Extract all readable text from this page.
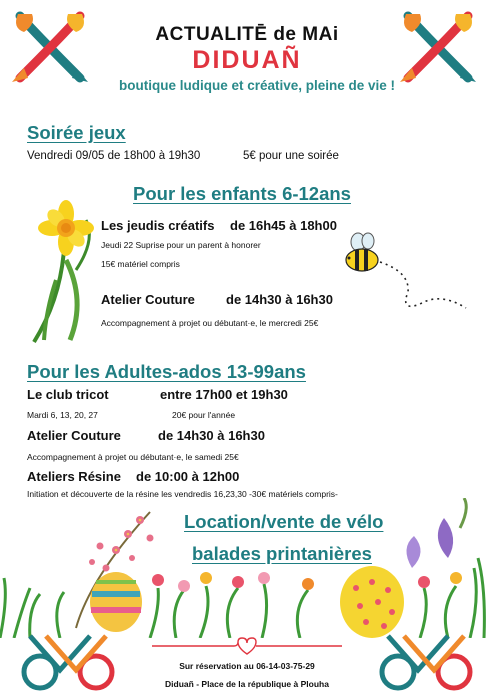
ACTUALITĒ de MAi
DIDUAÑ
boutique ludique et créative, pleine de vie !
Soirée jeux
Vendredi 09/05 de 18h00 à 19h30	5€ pour une soirée
Pour les enfants 6-12ans
Les jeudis créatifs de 16h45 à 18h00
Jeudi 22 Suprise pour un parent à honorer
15€ matériel compris
Atelier Couture de 14h30 à 16h30
Accompagnement à projet ou débutant·e, le mercredi 25€
Pour les Adultes-ados 13-99ans
Le club tricot	entre 17h00 et 19h30
Mardi 6, 13, 20, 27	20€ pour l'année
Atelier Couture	de 14h30 à 16h30
Accompagnement à projet ou débutant·e, le samedi 25€
Ateliers Résine de 10:00 à 12h00
Initiation et découverte de la résine les vendredis 16,23,30 -30€ matériels compris-
Location/vente de vélo
balades printanières
Sur réservation au 06-14-03-75-29
Diduañ - Place de la république à Plouha
